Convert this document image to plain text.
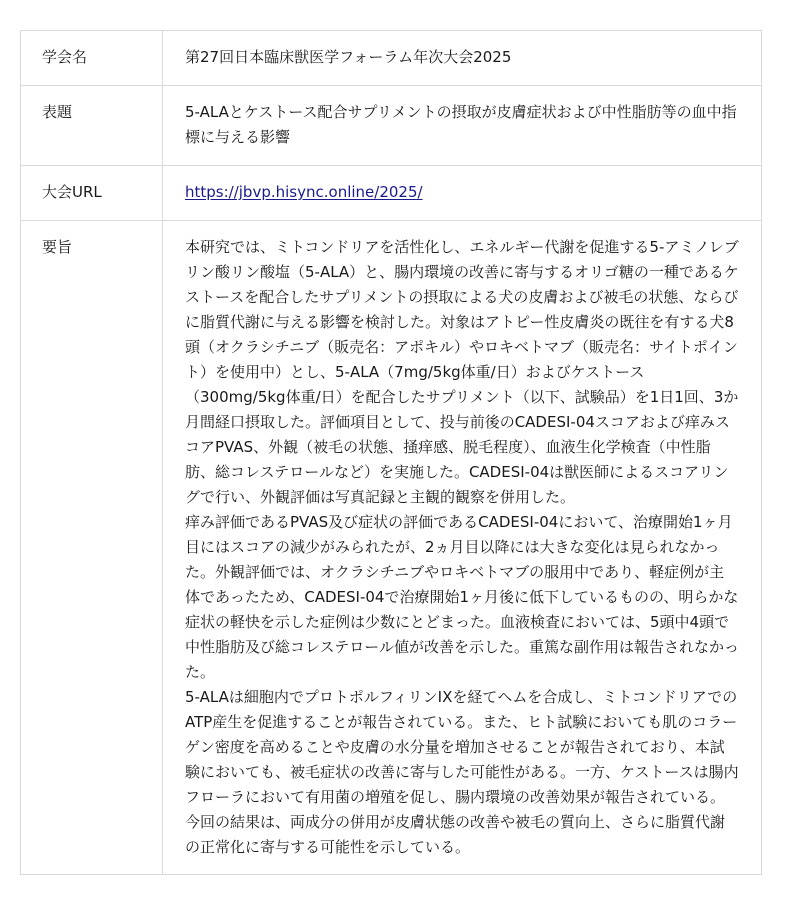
学会名	第27回日本臨床獣医学フォーラム年次大会2025
表題	5-ALAとケストース配合サプリメントの摂取が皮膚症状および中性脂肪等の血中指標に与える影響
大会URL	https://jbvp.hisync.online/2025/
要旨	本研究では、ミトコンドリアを活性化し、エネルギー代謝を促進する5-アミノレブリン酸リン酸塩（5-ALA）と、腸内環境の改善に寄与するオリゴ糖の一種であるケストースを配合したサプリメントの摂取による犬の皮膚および被毛の状態、ならびに脂質代謝に与える影響を検討した。対象はアトピー性皮膚炎の既往を有する犬8頭（オクラシチニブ（販売名：アポキル）やロキベトマブ（販売名：サイトポイント）を使用中）とし、5-ALA（7mg/5kg体重/日）およびケストース（300mg/5kg体重/日）を配合したサプリメント（以下、試験品）を1日1回、3か月間経口摂取した。評価項目として、投与前後のCADESI-04スコアおよび痒みスコアPVAS、外観（被毛の状態、掻痒感、脱毛程度）、血液生化学検査（中性脂肪、総コレステロールなど）を実施した。CADESI-04は獣医師によるスコアリングで行い、外観評価は写真記録と主観的観察を併用した。

痒み評価であるPVAS及び症状の評価であるCADESI-04において、治療開始1ヶ月目にはスコアの減少がみられたが、2ヵ月目以降には大きな変化は見られなかった。外観評価では、オクラシチニブやロキベトマブの服用中であり、軽症例が主体であったため、CADESI-04で治療開始1ヶ月後に低下しているものの、明らかな症状の軽快を示した症例は少数にとどまった。血液検査においては、5頭中4頭で中性脂肪及び総コレステロール値が改善を示した。重篤な副作用は報告されなかった。

5-ALAは細胞内でプロトポルフィリンIXを経てヘムを合成し、ミトコンドリアでのATP産生を促進することが報告されている。また、ヒト試験においても肌のコラーゲン密度を高めることや皮膚の水分量を増加させることが報告されており、本試験においても、被毛症状の改善に寄与した可能性がある。一方、ケストースは腸内フローラにおいて有用菌の増殖を促し、腸内環境の改善効果が報告されている。今回の結果は、両成分の併用が皮膚状態の改善や被毛の質向上、さらに脂質代謝の正常化に寄与する可能性を示している。
